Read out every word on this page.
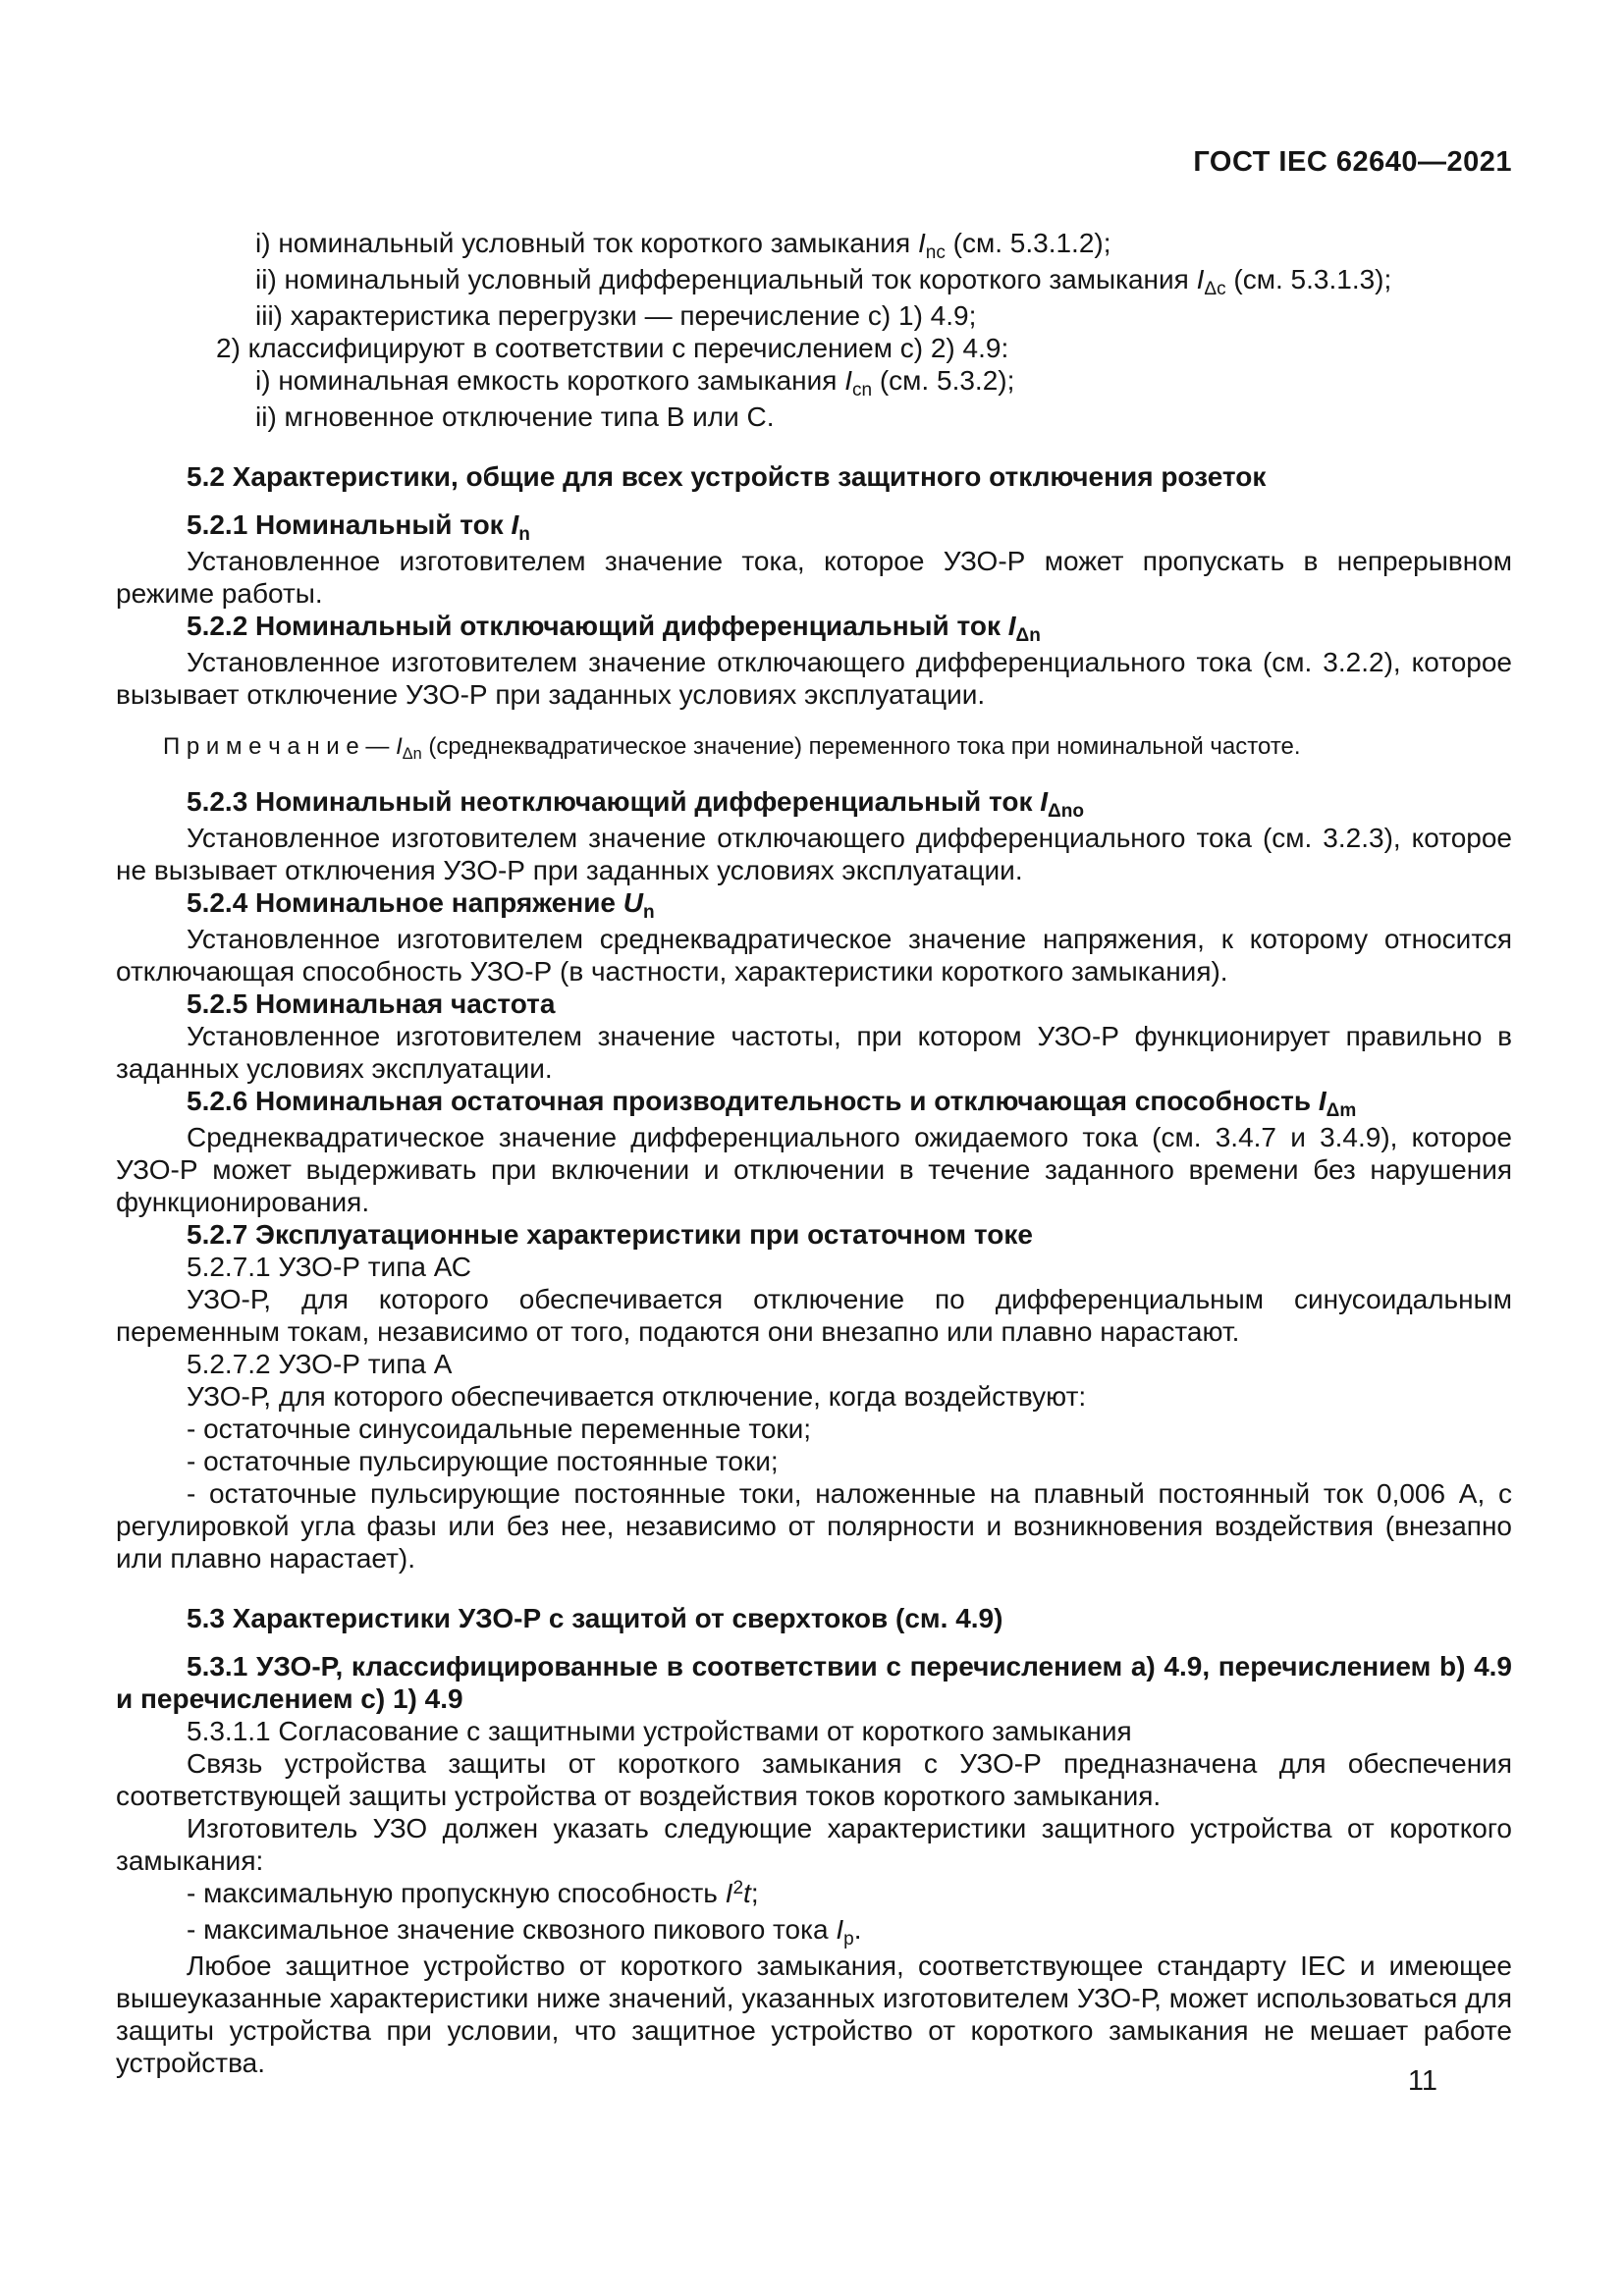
ГОСТ IEC 62640—2021

i) номинальный условный ток короткого замыкания $I_{nc}$ (см. 5.3.1.2);

ii) номинальный условный дифференциальный ток короткого замыкания $I_{\Delta c}$ (см. 5.3.1.3);

iii) характеристика перегрузки — перечисление c) 1) 4.9;

2) классифицируют в соответствии с перечислением c) 2) 4.9:

i) номинальная емкость короткого замыкания $I_{cn}$ (см. 5.3.2);

ii) мгновенное отключение типа B или C.

5.2 Характеристики, общие для всех устройств защитного отключения розеток

5.2.1 Номинальный ток $I_n$

Установленное изготовителем значение тока, которое УЗО-Р может пропускать в непрерывном режиме работы.

5.2.2 Номинальный отключающий дифференциальный ток $I_{\Delta n}$

Установленное изготовителем значение отключающего дифференциального тока (см. 3.2.2), которое вызывает отключение УЗО-Р при заданных условиях эксплуатации.

П р и м е ч а н и е — $I_{\Delta n}$ (среднеквадратическое значение) переменного тока при номинальной частоте.

5.2.3 Номинальный неотключающий дифференциальный ток $I_{\Delta no}$

Установленное изготовителем значение отключающего дифференциального тока (см. 3.2.3), которое не вызывает отключения УЗО-Р при заданных условиях эксплуатации.

5.2.4 Номинальное напряжение $U_n$

Установленное изготовителем среднеквадратическое значение напряжения, к которому относится отключающая способность УЗО-Р (в частности, характеристики короткого замыкания).

5.2.5 Номинальная частота

Установленное изготовителем значение частоты, при котором УЗО-Р функционирует правильно в заданных условиях эксплуатации.

5.2.6 Номинальная остаточная производительность и отключающая способность $I_{\Delta m}$

Среднеквадратическое значение дифференциального ожидаемого тока (см. 3.4.7 и 3.4.9), которое УЗО-Р может выдерживать при включении и отключении в течение заданного времени без нарушения функционирования.

5.2.7 Эксплуатационные характеристики при остаточном токе

5.2.7.1 УЗО-Р типа АС

УЗО-Р, для которого обеспечивается отключение по дифференциальным синусоидальным переменным токам, независимо от того, подаются они внезапно или плавно нарастают.

5.2.7.2 УЗО-Р типа А

УЗО-Р, для которого обеспечивается отключение, когда воздействуют:

- остаточные синусоидальные переменные токи;

- остаточные пульсирующие постоянные токи;

- остаточные пульсирующие постоянные токи, наложенные на плавный постоянный ток 0,006 А, с регулировкой угла фазы или без нее, независимо от полярности и возникновения воздействия (внезапно или плавно нарастает).

5.3 Характеристики УЗО-Р с защитой от сверхтоков (см. 4.9)

5.3.1 УЗО-Р, классифицированные в соответствии с перечислением a) 4.9, перечислением b) 4.9 и перечислением c) 1) 4.9

5.3.1.1 Согласование с защитными устройствами от короткого замыкания

Связь устройства защиты от короткого замыкания с УЗО-Р предназначена для обеспечения соответствующей защиты устройства от воздействия токов короткого замыкания.

Изготовитель УЗО должен указать следующие характеристики защитного устройства от короткого замыкания:

- максимальную пропускную способность $I^2t$;

- максимальное значение сквозного пикового тока $I_p$.

Любое защитное устройство от короткого замыкания, соответствующее стандарту IEC и имеющее вышеуказанные характеристики ниже значений, указанных изготовителем УЗО-Р, может использоваться для защиты устройства при условии, что защитное устройство от короткого замыкания не мешает работе устройства.

11
